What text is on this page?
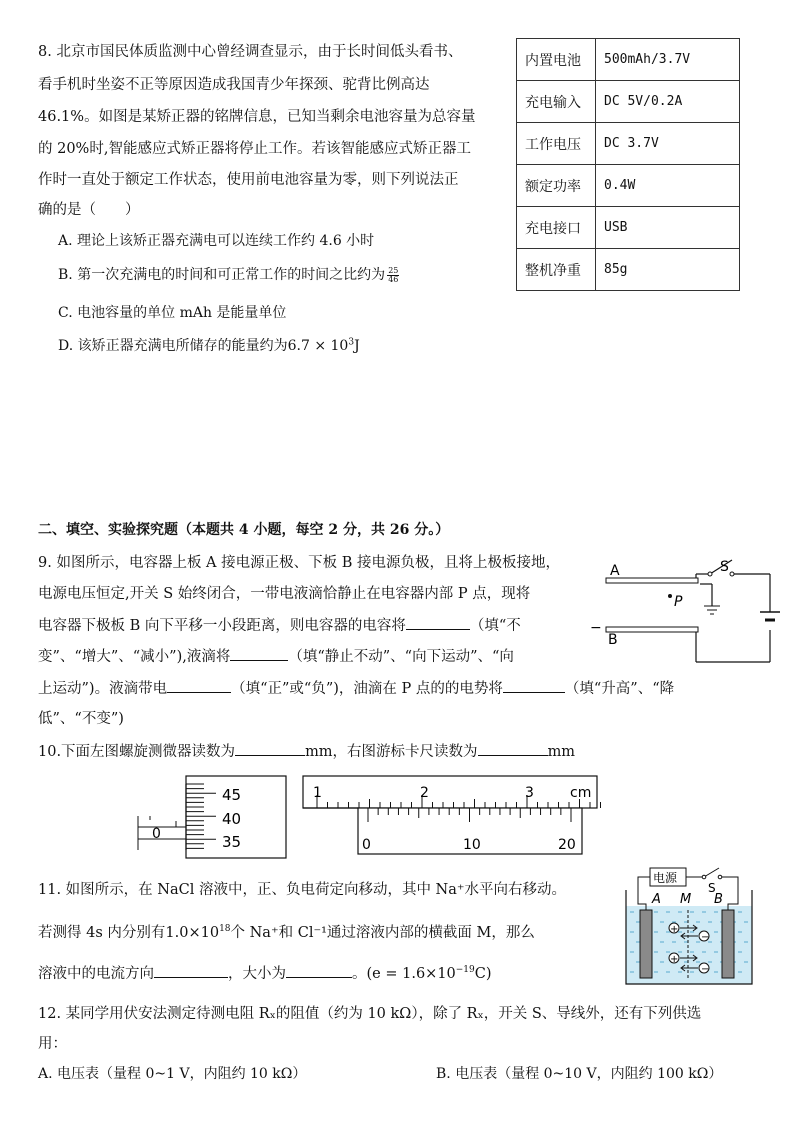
8. 北京市国民体质监测中心曾经调查显示，由于长时间低头看书、
看手机时坐姿不正等原因造成我国青少年探颈、驼背比例高达
46.1%。如图是某矫正器的铭牌信息，已知当剩余电池容量为总容量
的 20%时,智能感应式矫正器将停止工作。若该智能感应式矫正器工
作时一直处于额定工作状态，使用前电池容量为零，则下列说法正
确的是（　　）
A. 理论上该矫正器充满电可以连续工作约 4.6 小时
B. 第一次充满电的时间和可正常工作的时间之比约为 $\frac{25}{46}$
C. 电池容量的单位 mAh 是能量单位
D. 该矫正器充满电所储存的能量约为$6.7 \times 10^3J$
内置电池	500mAh/3.7V
充电输入	DC 5V/0.2A
工作电压	DC 3.7V
额定功率	0.4W
充电接口	USB
整机净重	85g
二、填空、实验探究题（本题共 4 小题，每空 2 分，共 26 分。）
9. 如图所示，电容器上板 A 接电源正极、下板 B 接电源负极，且将上极板接地，
电源电压恒定,开关 S 始终闭合，一带电液滴恰静止在电容器内部 P 点，现将
电容器下极板 B 向下平移一小段距离，则电容器的电容将	（填“不
变”、“增大”、“减小”),液滴将	（填“静止不动”、“向下运动”、“向
上运动”)。液滴带电	（填“正”或“负”)，油滴在 P 点的的电势将	（填“升高”、“降
低”、“不变”)
A
B
S
P
−
10.下面左图螺旋测微器读数为	mm，右图游标卡尺读数为	mm
45
40
35
0
1	2	3	cm
0	10	20
11. 如图所示，在 NaCl 溶液中，正、负电荷定向移动，其中 Na⁺水平向右移动。
若测得 4s 内分别有$1.0\times 10^{18}$个 Na⁺和 Cl⁻¹通过溶液内部的横截面 M，那么
溶液中的电流方向	，大小为	。$(e = 1.6\times 10^{-19}C)$
电源
S
A M B
+
−
+
−
12. 某同学用伏安法测定待测电阻 Rₓ的阻值（约为 10 kΩ），除了 Rₓ，开关 S、导线外，还有下列供选
用：
A. 电压表（量程 0~1 V，内阻约 10 kΩ）	B. 电压表（量程 0~10 V，内阻约 100 kΩ）
